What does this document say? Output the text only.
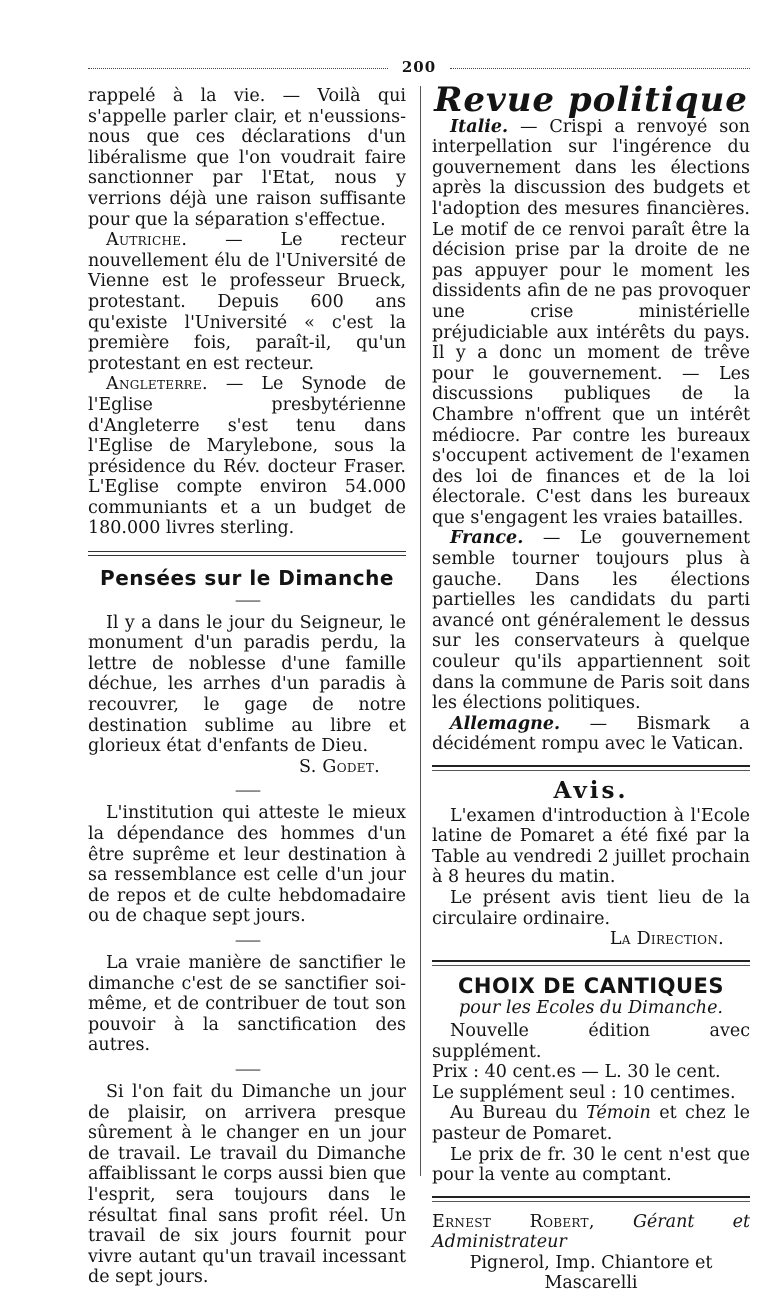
200

rappelé à la vie. — Voilà qui s'appelle parler clair, et n'eussions-nous que ces déclarations d'un libéralisme que l'on voudrait faire sanctionner par l'Etat, nous y verrions déjà une raison suffisante pour que la séparation s'effectue.

Autriche. — Le recteur nouvellement élu de l'Université de Vienne est le professeur Brueck, protestant. Depuis 600 ans qu'existe l'Université « c'est la première fois, paraît-il, qu'un protestant en est recteur.

Angleterre. — Le Synode de l'Eglise presbytérienne d'Angleterre s'est tenu dans l'Eglise de Marylebone, sous la présidence du Rév. docteur Fraser. L'Eglise compte environ 54.000 communiants et a un budget de 180.000 livres sterling.

Pensées sur le Dimanche
——

Il y a dans le jour du Seigneur, le monument d'un paradis perdu, la lettre de noblesse d'une famille déchue, les arrhes d'un paradis à recouvrer, le gage de notre destination sublime au libre et glorieux état d'enfants de Dieu.

S. Godet.
——

L'institution qui atteste le mieux la dépendance des hommes d'un être suprême et leur destination à sa ressemblance est celle d'un jour de repos et de culte hebdomadaire ou de chaque sept jours.

——

La vraie manière de sanctifier le dimanche c'est de se sanctifier soi-même, et de contribuer de tout son pouvoir à la sanctification des autres.

——

Si l'on fait du Dimanche un jour de plaisir, on arrivera presque sûrement à le changer en un jour de travail. Le travail du Dimanche affaiblissant le corps aussi bien que l'esprit, sera toujours dans le résultat final sans profit réel. Un travail de six jours fournit pour vivre autant qu'un travail incessant de sept jours.

Revue politique

Italie. — Crispi a renvoyé son interpellation sur l'ingérence du gouvernement dans les élections après la discussion des budgets et l'adoption des mesures financières. Le motif de ce renvoi paraît être la décision prise par la droite de ne pas appuyer pour le moment les dissidents afin de ne pas provoquer une crise ministérielle préjudiciable aux intérêts du pays. Il y a donc un moment de trêve pour le gouvernement. — Les discussions publiques de la Chambre n'offrent que un intérêt médiocre. Par contre les bureaux s'occupent activement de l'examen des loi de finances et de la loi électorale. C'est dans les bureaux que s'engagent les vraies batailles.

France. — Le gouvernement semble tourner toujours plus à gauche. Dans les élections partielles les candidats du parti avancé ont généralement le dessus sur les conservateurs à quelque couleur qu'ils appartiennent soit dans la commune de Paris soit dans les élections politiques.

Allemagne. — Bismark a décidément rompu avec le Vatican.

Avis.

L'examen d'introduction à l'Ecole latine de Pomaret a été fixé par la Table au vendredi 2 juillet prochain à 8 heures du matin.

Le présent avis tient lieu de la circulaire ordinaire.

La Direction.
CHOIX DE CANTIQUES
pour les Ecoles du Dimanche.

Nouvelle édition avec supplément.

Prix : 40 cent.es — L. 30 le cent.

Le supplément seul : 10 centimes.

Au Bureau du Témoin et chez le pasteur de Pomaret.

Le prix de fr. 30 le cent n'est que pour la vente au comptant.

Ernest Robert, Gérant et Administrateur

Pignerol, Imp. Chiantore et Mascarelli
